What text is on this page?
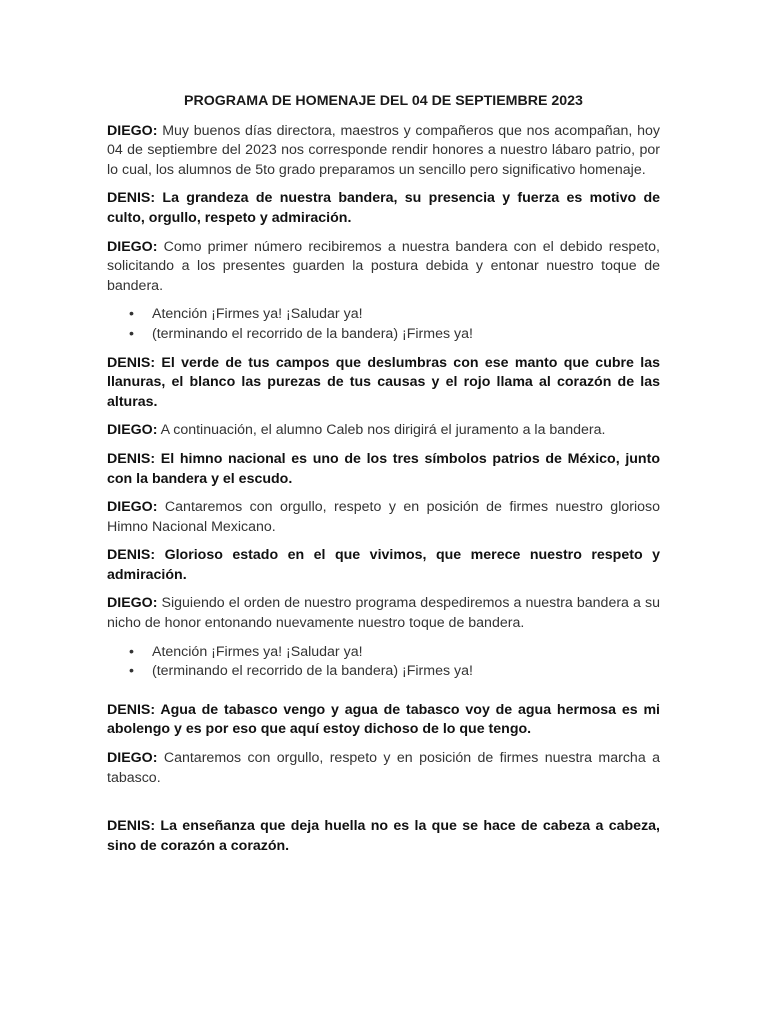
PROGRAMA DE HOMENAJE DEL 04 DE SEPTIEMBRE 2023

DIEGO: Muy buenos días directora, maestros y compañeros que nos acompañan, hoy 04 de septiembre del 2023 nos corresponde rendir honores a nuestro lábaro patrio, por lo cual, los alumnos de 5to grado preparamos un sencillo pero significativo homenaje.

DENIS: La grandeza de nuestra bandera, su presencia y fuerza es motivo de culto, orgullo, respeto y admiración.

DIEGO: Como primer número recibiremos a nuestra bandera con el debido respeto, solicitando a los presentes guarden la postura debida y entonar nuestro toque de bandera.

• Atención ¡Firmes ya! ¡Saludar ya!
• (terminando el recorrido de la bandera) ¡Firmes ya!

DENIS: El verde de tus campos que deslumbras con ese manto que cubre las llanuras, el blanco las purezas de tus causas y el rojo llama al corazón de las alturas.

DIEGO: A continuación, el alumno Caleb nos dirigirá el juramento a la bandera.

DENIS: El himno nacional es uno de los tres símbolos patrios de México, junto con la bandera y el escudo.

DIEGO: Cantaremos con orgullo, respeto y en posición de firmes nuestro glorioso Himno Nacional Mexicano.

DENIS: Glorioso estado en el que vivimos, que merece nuestro respeto y admiración.

DIEGO: Siguiendo el orden de nuestro programa despediremos a nuestra bandera a su nicho de honor entonando nuevamente nuestro toque de bandera.

• Atención ¡Firmes ya! ¡Saludar ya!
• (terminando el recorrido de la bandera) ¡Firmes ya!

DENIS: Agua de tabasco vengo y agua de tabasco voy de agua hermosa es mi abolengo y es por eso que aquí estoy dichoso de lo que tengo.

DIEGO: Cantaremos con orgullo, respeto y en posición de firmes nuestra marcha a tabasco.

DENIS: La enseñanza que deja huella no es la que se hace de cabeza a cabeza, sino de corazón a corazón.
